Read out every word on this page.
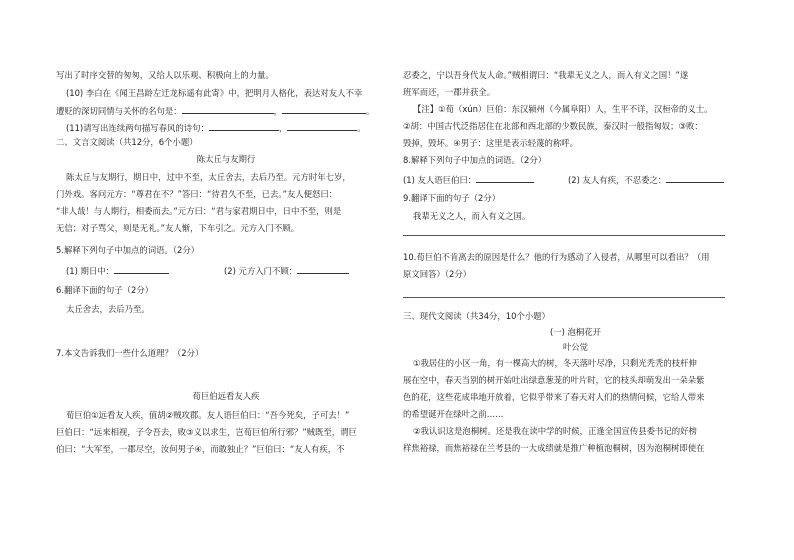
写出了时序交替的匆匆，又给人以乐观、积极向上的力量。
(10) 李白在《闻王昌龄左迁龙标遥有此寄》中，把明月人格化，表达对友人不幸
遭贬的深切同情与关怀的名句是：	，	。
(11)请写出连续两句描写春风的诗句：	，	。
二、文言文阅读（共12分，6个小题）
陈太丘与友期行
陈太丘与友期行，期日中，过中不至，太丘舍去，去后乃至。元方时年七岁，
门外戏。客问元方：“尊君在不？”答曰：“待君久不至，已去。”友人便怒曰：
“非人哉！与人期行，相委而去。”元方曰：“君与家君期日中，日中不至，则是
无信；对子骂父，则是无礼。”友人惭，下车引之。元方入门不顾。
5.解释下列句子中加点的词语。（2分）
(1) 期日中：	(2) 元方入门不顾：
6.翻译下面的句子（2分）
太丘舍去，去后乃至。
7.本文告诉我们一些什么道理？（2分）
荀巨伯远看友人疾
荀巨伯①远看友人疾，值胡②贼攻郡。友人语巨伯曰：“吾今死矣，子可去！”
巨伯曰：“远来相视，子令吾去，败③义以求生，岂荀巨伯所行邪？”贼既至，谓巨
伯曰：“大军至，一郡尽空，汝何男子④，而敢独止？”巨伯曰：“友人有疾，不
忍委之，宁以吾身代友人命。”贼相谓曰：“我辈无义之人，而入有义之国！”遂
班军而还，一郡并获全。
【注】①荀（xún）巨伯：东汉颍州（今属阜阳）人，生平不详，汉桓帝的义士。
②胡：中国古代泛指居住在北部和西北部的少数民族，泰汉时一般指匈奴；③败：
毁掉，毁坏。④男子：这里是表示轻蔑的称呼。
8.解释下列句子中加点的词语。（2分）
(1) 友人语巨伯曰：	(2) 友人有疾，不忍委之：
9.翻译下面的句子（2分）
我辈无义之人，而入有义之国。
10.荀巨伯不肯离去的原因是什么？他的行为感动了入侵者，从哪里可以看出？（用
原文回答）（2分）
三、现代文阅读（共34分，10个小题）
(一) 泡桐花开
叶公觉
①我居住的小区一角，有一棵高大的树，冬天落叶尽净，只剩光秃秃的枝杆伸
展在空中，春天当别的树开始吐出绿意葱茏的叶片时，它的枝头却萌发出一朵朵紫
色的花，这些花成串地开放着，它似乎带来了春天对人们的热情问候，它给人带来
的希望诞开在绿叶之前……
②我认识这是泡桐树。还是我在读中学的时候，正逢全国宣传县委书记的好榜
样焦裕禄，而焦裕禄在兰考县的一大成绩就是推广种植泡桐树，因为泡桐树即使在
